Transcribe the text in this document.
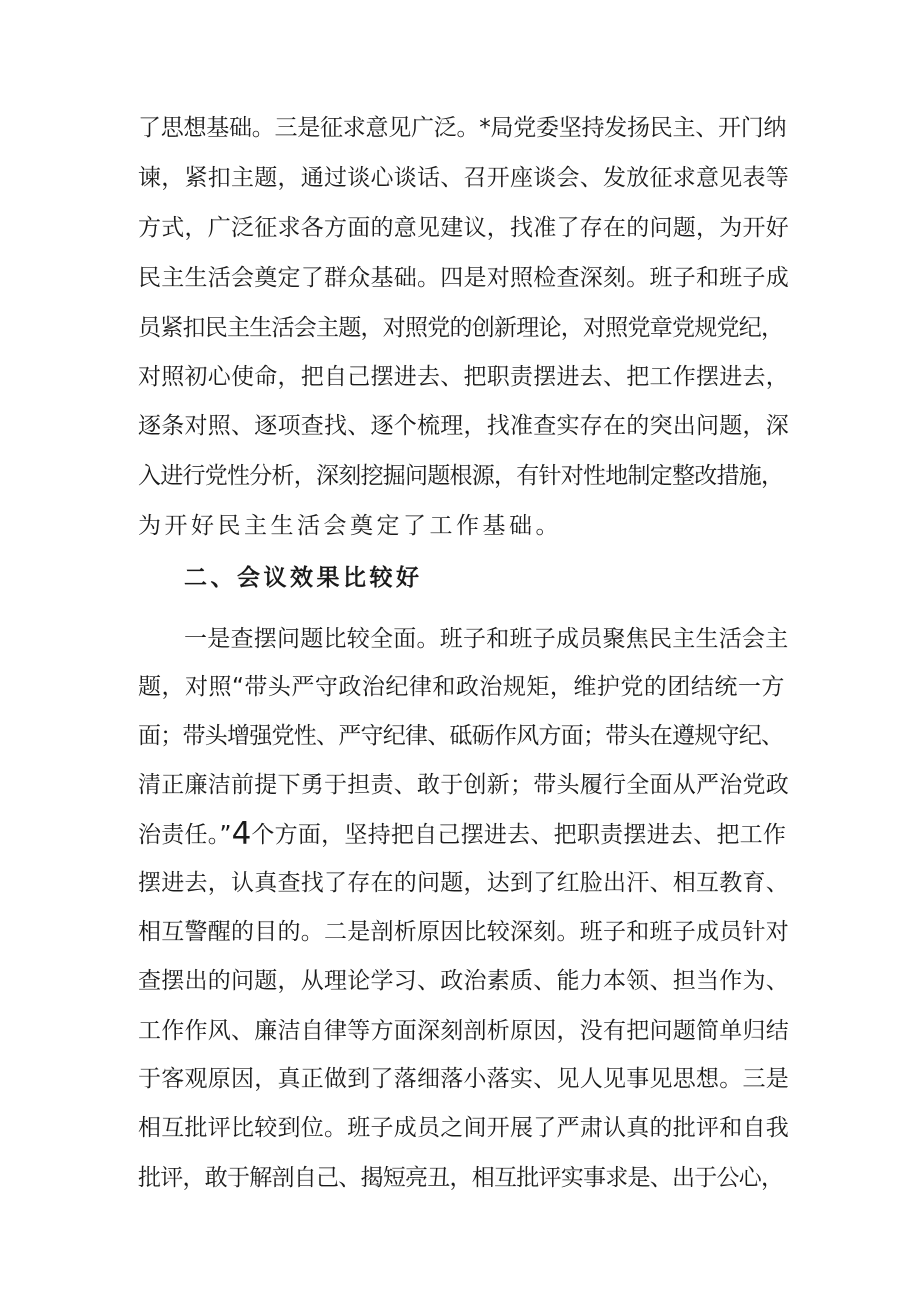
了思想基础。三是征求意见广泛。*局党委坚持发扬民主、开门纳
谏，紧扣主题，通过谈心谈话、召开座谈会、发放征求意见表等
方式，广泛征求各方面的意见建议，找准了存在的问题，为开好
民主生活会奠定了群众基础。四是对照检查深刻。班子和班子成
员紧扣民主生活会主题，对照党的创新理论，对照党章党规党纪，
对照初心使命，把自己摆进去、把职责摆进去、把工作摆进去，
逐条对照、逐项查找、逐个梳理，找准查实存在的突出问题，深
入进行党性分析，深刻挖掘问题根源，有针对性地制定整改措施，
为开好民主生活会奠定了工作基础。
二、会议效果比较好
一是查摆问题比较全面。班子和班子成员聚焦民主生活会主
题，对照“带头严守政治纪律和政治规矩，维护党的团结统一方
面；带头增强党性、严守纪律、砥砺作风方面；带头在遵规守纪、
清正廉洁前提下勇于担责、敢于创新；带头履行全面从严治党政
治责任。”4个方面，坚持把自己摆进去、把职责摆进去、把工作
摆进去，认真查找了存在的问题，达到了红脸出汗、相互教育、
相互警醒的目的。二是剖析原因比较深刻。班子和班子成员针对
查摆出的问题，从理论学习、政治素质、能力本领、担当作为、
工作作风、廉洁自律等方面深刻剖析原因，没有把问题简单归结
于客观原因，真正做到了落细落小落实、见人见事见思想。三是
相互批评比较到位。班子成员之间开展了严肃认真的批评和自我
批评，敢于解剖自己、揭短亮丑，相互批评实事求是、出于公心，
